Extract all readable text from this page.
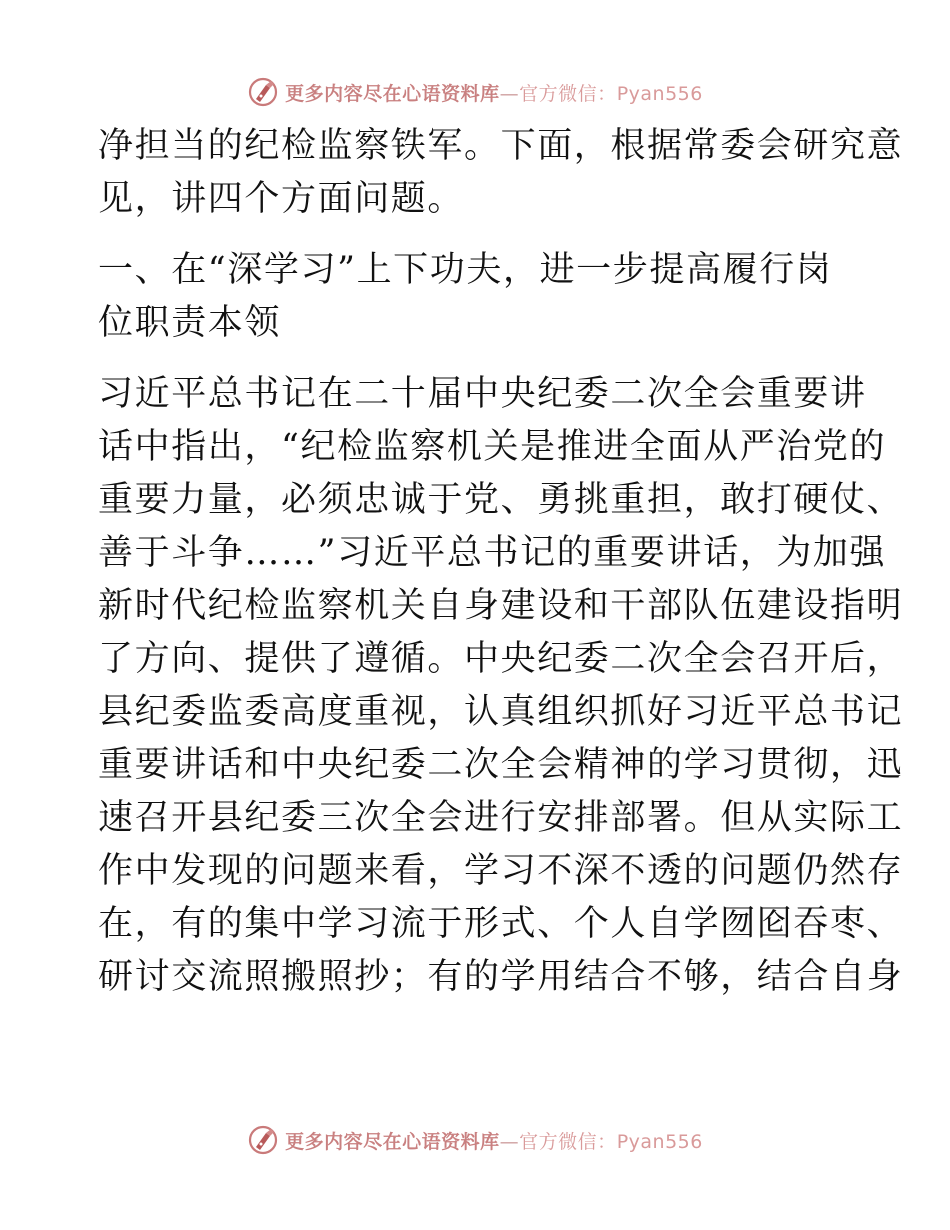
更多内容尽在心语资料库—官方微信：Pyan556
净担当的纪检监察铁军。下面，根据常委会研究意
见，讲四个方面问题。
一、在“深学习”上下功夫，进一步提高履行岗
位职责本领
习近平总书记在二十届中央纪委二次全会重要讲
话中指出，“纪检监察机关是推进全面从严治党的
重要力量，必须忠诚于党、勇挑重担，敢打硬仗、
善于斗争……”习近平总书记的重要讲话，为加强
新时代纪检监察机关自身建设和干部队伍建设指明
了方向、提供了遵循。中央纪委二次全会召开后，
县纪委监委高度重视，认真组织抓好习近平总书记
重要讲话和中央纪委二次全会精神的学习贯彻，迅
速召开县纪委三次全会进行安排部署。但从实际工
作中发现的问题来看，学习不深不透的问题仍然存
在，有的集中学习流于形式、个人自学囫囵吞枣、
研讨交流照搬照抄；有的学用结合不够，结合自身
更多内容尽在心语资料库—官方微信：Pyan556
